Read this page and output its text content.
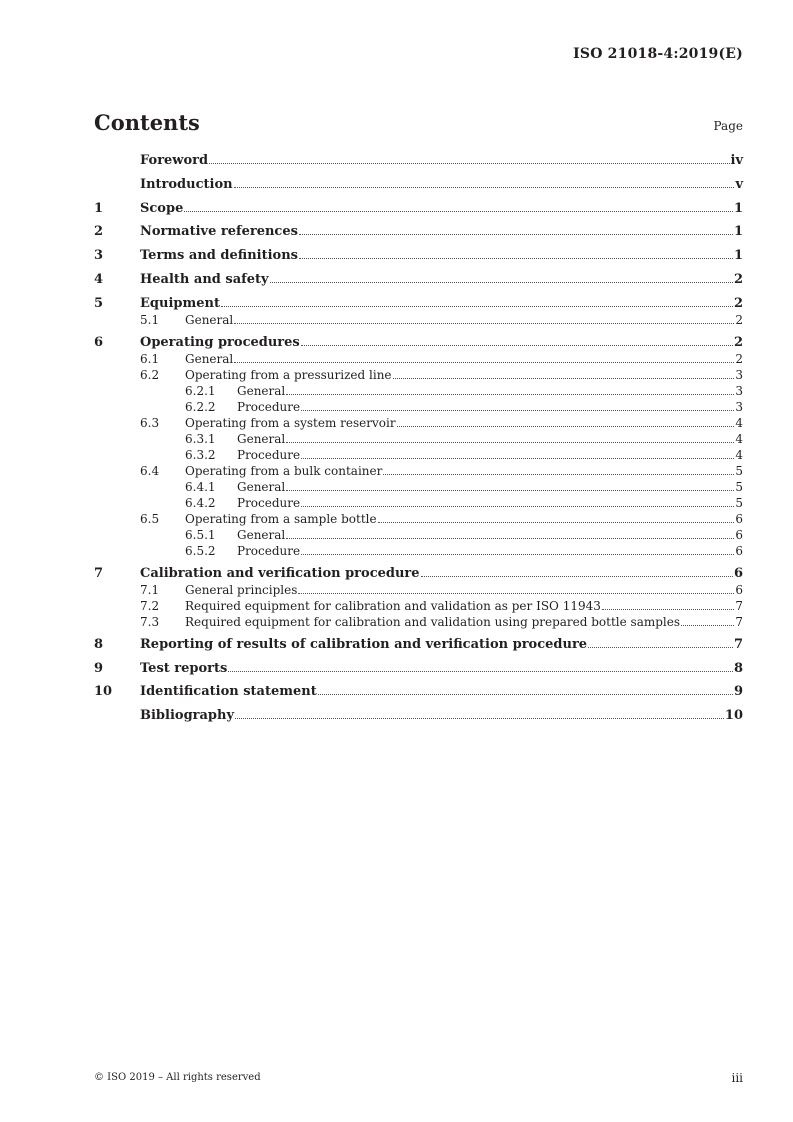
ISO 21018-4:2019(E)
Contents	Page
Foreword	iv
Introduction	v
1	Scope	1
2	Normative references	1
3	Terms and definitions	1
4	Health and safety	2
5	Equipment	2
5.1 General	2
6	Operating procedures	2
6.1 General	2
6.2 Operating from a pressurized line	3
6.2.1 General	3
6.2.2 Procedure	3
6.3 Operating from a system reservoir	4
6.3.1 General	4
6.3.2 Procedure	4
6.4 Operating from a bulk container	5
6.4.1 General	5
6.4.2 Procedure	5
6.5 Operating from a sample bottle	6
6.5.1 General	6
6.5.2 Procedure	6
7	Calibration and verification procedure	6
7.1 General principles	6
7.2 Required equipment for calibration and validation as per ISO 11943	7
7.3 Required equipment for calibration and validation using prepared bottle samples	7
8	Reporting of results of calibration and verification procedure	7
9	Test reports	8
10 Identification statement	9
Bibliography	10
© ISO 2019 – All rights reserved	iii
